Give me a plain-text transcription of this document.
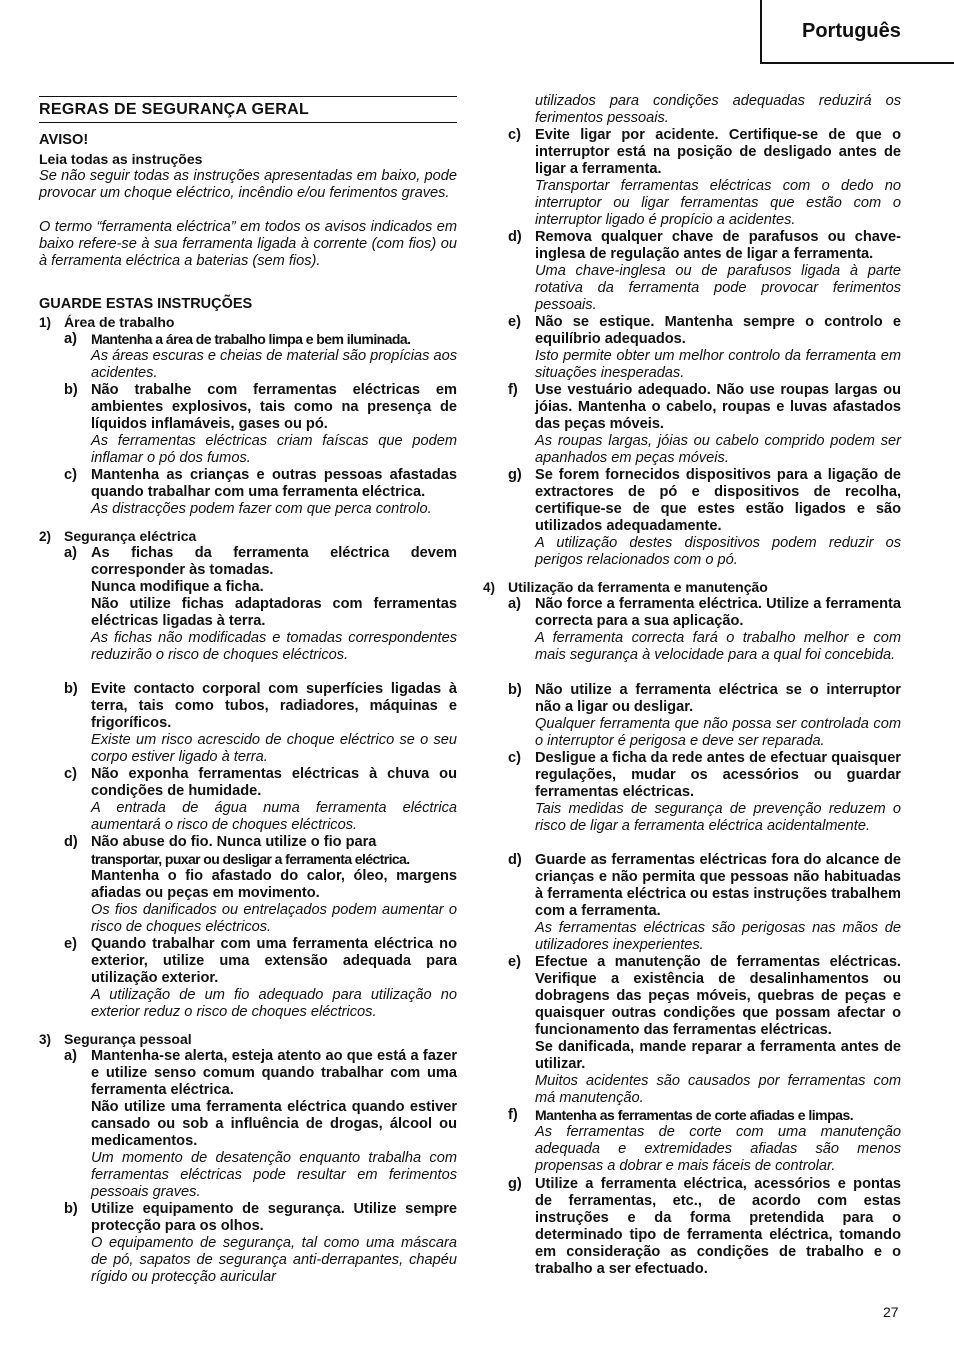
Português
REGRAS DE SEGURANÇA GERAL
AVISO!
Leia todas as instruções
Se não seguir todas as instruções apresentadas em baixo, pode provocar um choque eléctrico, incêndio e/ou ferimentos graves.
O termo “ferramenta eléctrica” em todos os avisos indicados em baixo refere-se à sua ferramenta ligada à corrente (com fios) ou à ferramenta eléctrica a baterias (sem fios).
GUARDE ESTAS INSTRUÇÕES
1) Área de trabalho
a) Mantenha a área de trabalho limpa e bem iluminada.
As áreas escuras e cheias de material são propícias aos acidentes.
b) Não trabalhe com ferramentas eléctricas em ambientes explosivos, tais como na presença de líquidos inflamáveis, gases ou pó.
As ferramentas eléctricas criam faíscas que podem inflamar o pó dos fumos.
c) Mantenha as crianças e outras pessoas afastadas quando trabalhar com uma ferramenta eléctrica.
As distracções podem fazer com que perca controlo.
2) Segurança eléctrica
a) As fichas da ferramenta eléctrica devem corresponder às tomadas.
Nunca modifique a ficha.
Não utilize fichas adaptadoras com ferramentas eléctricas ligadas à terra.
As fichas não modificadas e tomadas correspondentes reduzirão o risco de choques eléctricos.
b) Evite contacto corporal com superfícies ligadas à terra, tais como tubos, radiadores, máquinas e frigoríficos.
Existe um risco acrescido de choque eléctrico se o seu corpo estiver ligado à terra.
c) Não exponha ferramentas eléctricas à chuva ou condições de humidade.
A entrada de água numa ferramenta eléctrica aumentará o risco de choques eléctricos.
d) Não abuse do fio. Nunca utilize o fio para
transportar, puxar ou desligar a ferramenta eléctrica.
Mantenha o fio afastado do calor, óleo, margens afiadas ou peças em movimento.
Os fios danificados ou entrelaçados podem aumentar o risco de choques eléctricos.
e) Quando trabalhar com uma ferramenta eléctrica no exterior, utilize uma extensão adequada para utilização exterior.
A utilização de um fio adequado para utilização no exterior reduz o risco de choques eléctricos.
3) Segurança pessoal
a) Mantenha-se alerta, esteja atento ao que está a fazer e utilize senso comum quando trabalhar com uma ferramenta eléctrica.
Não utilize uma ferramenta eléctrica quando estiver cansado ou sob a influência de drogas, álcool ou medicamentos.
Um momento de desatenção enquanto trabalha com ferramentas eléctricas pode resultar em ferimentos pessoais graves.
b) Utilize equipamento de segurança. Utilize sempre protecção para os olhos.
O equipamento de segurança, tal como uma máscara de pó, sapatos de segurança anti-derrapantes, chapéu rígido ou protecção auricular
utilizados para condições adequadas reduzirá os ferimentos pessoais.
c) Evite ligar por acidente. Certifique-se de que o interruptor está na posição de desligado antes de ligar a ferramenta.
Transportar ferramentas eléctricas com o dedo no interruptor ou ligar ferramentas que estão com o interruptor ligado é propício a acidentes.
d) Remova qualquer chave de parafusos ou chave-inglesa de regulação antes de ligar a ferramenta.
Uma chave-inglesa ou de parafusos ligada à parte rotativa da ferramenta pode provocar ferimentos pessoais.
e) Não se estique. Mantenha sempre o controlo e equilíbrio adequados.
Isto permite obter um melhor controlo da ferramenta em situações inesperadas.
f) Use vestuário adequado. Não use roupas largas ou jóias. Mantenha o cabelo, roupas e luvas afastados das peças móveis.
As roupas largas, jóias ou cabelo comprido podem ser apanhados em peças móveis.
g) Se forem fornecidos dispositivos para a ligação de extractores de pó e dispositivos de recolha, certifique-se de que estes estão ligados e são utilizados adequadamente.
A utilização destes dispositivos podem reduzir os perigos relacionados com o pó.
4) Utilização da ferramenta e manutenção
a) Não force a ferramenta eléctrica. Utilize a ferramenta correcta para a sua aplicação.
A ferramenta correcta fará o trabalho melhor e com mais segurança à velocidade para a qual foi concebida.
b) Não utilize a ferramenta eléctrica se o interruptor não a ligar ou desligar.
Qualquer ferramenta que não possa ser controlada com o interruptor é perigosa e deve ser reparada.
c) Desligue a ficha da rede antes de efectuar quaisquer regulações, mudar os acessórios ou guardar ferramentas eléctricas.
Tais medidas de segurança de prevenção reduzem o risco de ligar a ferramenta eléctrica acidentalmente.
d) Guarde as ferramentas eléctricas fora do alcance de crianças e não permita que pessoas não habituadas à ferramenta eléctrica ou estas instruções trabalhem com a ferramenta.
As ferramentas eléctricas são perigosas nas mãos de utilizadores inexperientes.
e) Efectue a manutenção de ferramentas eléctricas. Verifique a existência de desalinhamentos ou dobragens das peças móveis, quebras de peças e quaisquer outras condições que possam afectar o funcionamento das ferramentas eléctricas.
Se danificada, mande reparar a ferramenta antes de utilizar.
Muitos acidentes são causados por ferramentas com má manutenção.
f) Mantenha as ferramentas de corte afiadas e limpas.
As ferramentas de corte com uma manutenção adequada e extremidades afiadas são menos propensas a dobrar e mais fáceis de controlar.
g) Utilize a ferramenta eléctrica, acessórios e pontas de ferramentas, etc., de acordo com estas instruções e da forma pretendida para o determinado tipo de ferramenta eléctrica, tomando em consideração as condições de trabalho e o trabalho a ser efectuado.
27
